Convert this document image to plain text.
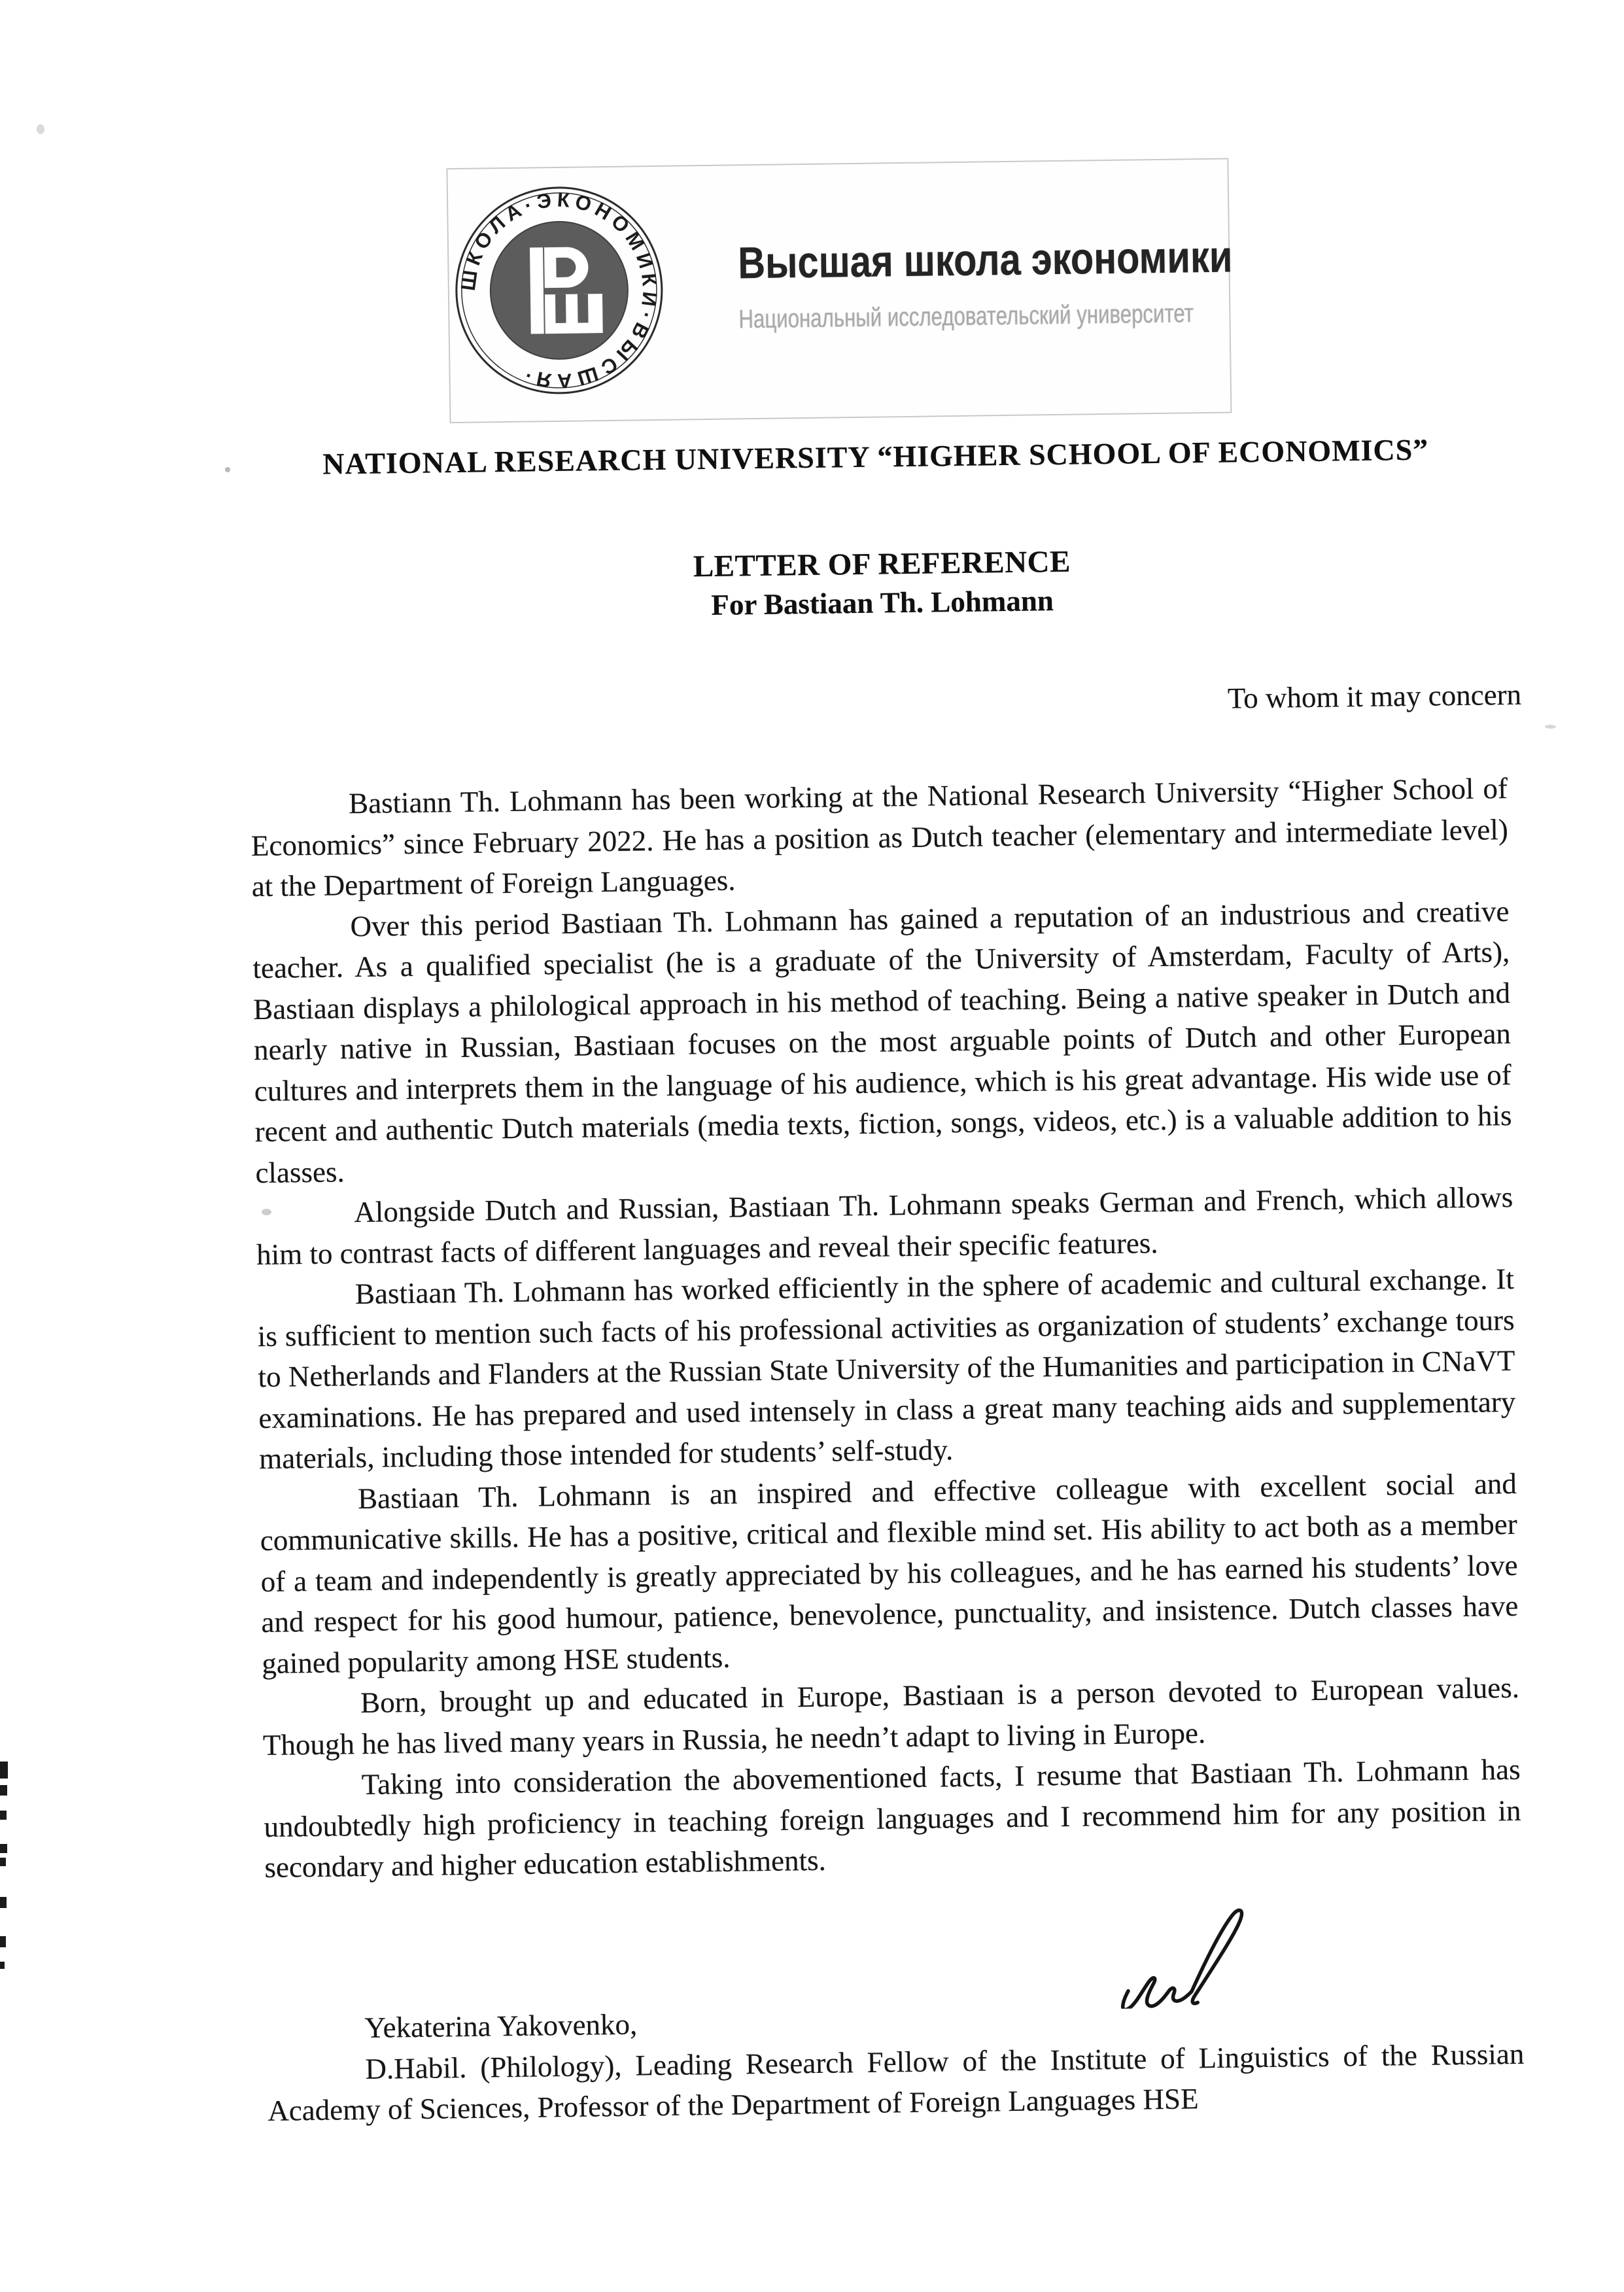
ШКОЛА·ЭКОНОМИКИ·ВЫСШАЯ·
Высшая школа экономики
Национальный исследовательский университет
NATIONAL RESEARCH UNIVERSITY “HIGHER SCHOOL OF ECONOMICS”
LETTER OF REFERENCE
For Bastiaan Th. Lohmann
To whom it may concern

Bastiann Th. Lohmann has been working at the National Research University “Higher School of Economics” since February 2022. He has a position as Dutch teacher (elementary and intermediate level) at the Department of Foreign Languages.

Over this period Bastiaan Th. Lohmann has gained a reputation of an industrious and creative teacher. As a qualified specialist (he is a graduate of the University of Amsterdam, Faculty of Arts), Bastiaan displays a philological approach in his method of teaching. Being a native speaker in Dutch and nearly native in Russian, Bastiaan focuses on the most arguable points of Dutch and other European cultures and interprets them in the language of his audience, which is his great advantage. His wide use of recent and authentic Dutch materials (media texts, fiction, songs, videos, etc.) is a valuable addition to his classes.

Alongside Dutch and Russian, Bastiaan Th. Lohmann speaks German and French, which allows him to contrast facts of different languages and reveal their specific features.

Bastiaan Th. Lohmann has worked efficiently in the sphere of academic and cultural exchange. It is sufficient to mention such facts of his professional activities as organization of students’ exchange tours to Netherlands and Flanders at the Russian State University of the Humanities and participation in CNaVT examinations. He has prepared and used intensely in class a great many teaching aids and supplementary materials, including those intended for students’ self-study.

Bastiaan Th. Lohmann is an inspired and effective colleague with excellent social and communicative skills. He has a positive, critical and flexible mind set. His ability to act both as a member of a team and independently is greatly appreciated by his colleagues, and he has earned his students’ love and respect for his good humour, patience, benevolence, punctuality, and insistence. Dutch classes have gained popularity among HSE students.

Born, brought up and educated in Europe, Bastiaan is a person devoted to European values. Though he has lived many years in Russia, he needn’t adapt to living in Europe.

Taking into consideration the abovementioned facts, I resume that Bastiaan Th. Lohmann has undoubtedly high proficiency in teaching foreign languages and I recommend him for any position in secondary and higher education establishments.

Yekaterina Yakovenko,

D.Habil. (Philology), Leading Research Fellow of the Institute of Linguistics of the Russian Academy of Sciences, Professor of the Department of Foreign Languages HSE
